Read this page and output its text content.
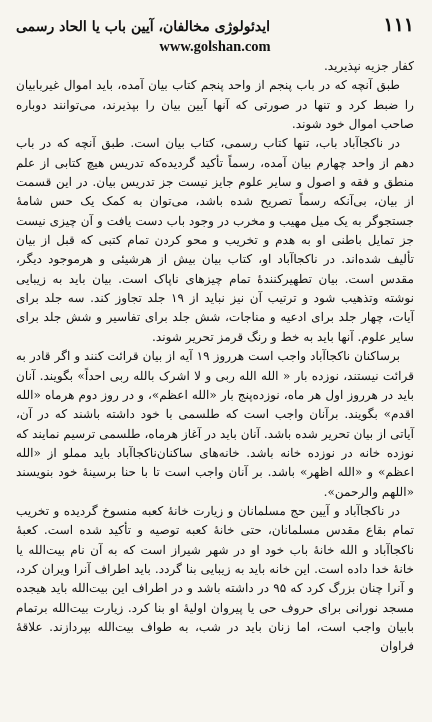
۱۱۱
ایدئولوژی مخالفان، آیین باب یا الحاد رسمی
www.golshan.com

کفار جزیه نپذیرید.

طبق آنچه که در باب پنجم از واحد پنجم کتاب بیان آمده، باید اموال غیربابیان را ضبط کرد و تنها در صورتی که آنها آیین بیان را بپذیرند، می‌توانند دوباره صاحب اموال خود شوند.

در ناکجاآباد باب، تنها کتاب رسمی، کتاب بیان است. طبق آنچه که در باب دهم از واحد چهارم بیان آمده، رسماً تأکید گردیده‌که تدریس هیچ کتابی از علم منطق و فقه و اصول و سایر علوم جایز نیست جز تدریس بیان. در این قسمت از بیان، بی‌آنکه رسماً تصریح شده باشد، می‌توان به کمک یک حس شامهٔ جستجوگر به یک میل مهیب و مخرب در وجود باب دست یافت و آن چیزی نیست جز تمایل باطنی او به هدم و تخریب و محو کردن تمام کتبی که قبل از بیان تألیف شده‌اند. در ناکجاآباد او، کتاب بیان بیش از هرشیئی و هرموجود دیگر، مقدس است. بیان تطهیرکنندهٔ تمام چیزهای ناپاک است. بیان باید به زیبایی نوشته وتذهیب شود و ترتیب آن نیز نباید از ۱۹ جلد تجاوز کند. سه جلد برای آیات، چهار جلد برای ادعیه و مناجات، شش جلد برای تفاسیر و شش جلد برای سایر علوم. آنها باید به خط و رنگ قرمز تحریر شوند.

برساکنان ناکجاآباد واجب است هرروز ۱۹ آیه از بیان قرائت کنند و اگر قادر به قرائت نیستند، نوزده بار « الله الله ربی و لا اشرک بالله ربی احداً» بگویند. آنان باید در هرروز اول هر ماه، نوزده‌پنج بار «الله اعظم»، و در روز دوم هرماه «الله اقدم» بگویند. برآنان واجب است که طلسمی با خود داشته باشند که در آن، آیاتی از بیان تحریر شده باشد. آنان باید در آغاز هرماه، طلسمی ترسیم نمایند که نوزده خانه در نوزده خانه باشد. خانه‌های ساکنان‌ناکجاآباد باید مملو از «الله اعظم» و «الله اظهر» باشد. بر آنان واجب است تا با حنا برسینهٔ خود بنویسند «اللهم والرحمن».

در ناکجاآباد و آیین حج مسلمانان و زیارت خانهٔ کعبه منسوخ گردیده و تخریب تمام بقاع مقدس مسلمانان، حتی خانهٔ کعبه توصیه و تأکید شده است. کعبهٔ ناکجاآباد و الله خانهٔ باب خود او در شهر شیراز است که به آن نام بیت‌الله یا خانهٔ خدا داده است. این خانه باید به زیبایی بنا گردد. باید اطراف آنرا ویران کرد، و آنرا چنان بزرگ کرد که ۹۵ در داشته باشد و در اطراف این بیت‌الله باید هیجده مسجد نورانی برای حروف حی یا پیروان اولیهٔ او بنا کرد. زیارت بیت‌الله برتمام بابیان واجب است، اما زنان باید در شب، به طواف بیت‌الله بپردازند. علاقهٔ فراوان
